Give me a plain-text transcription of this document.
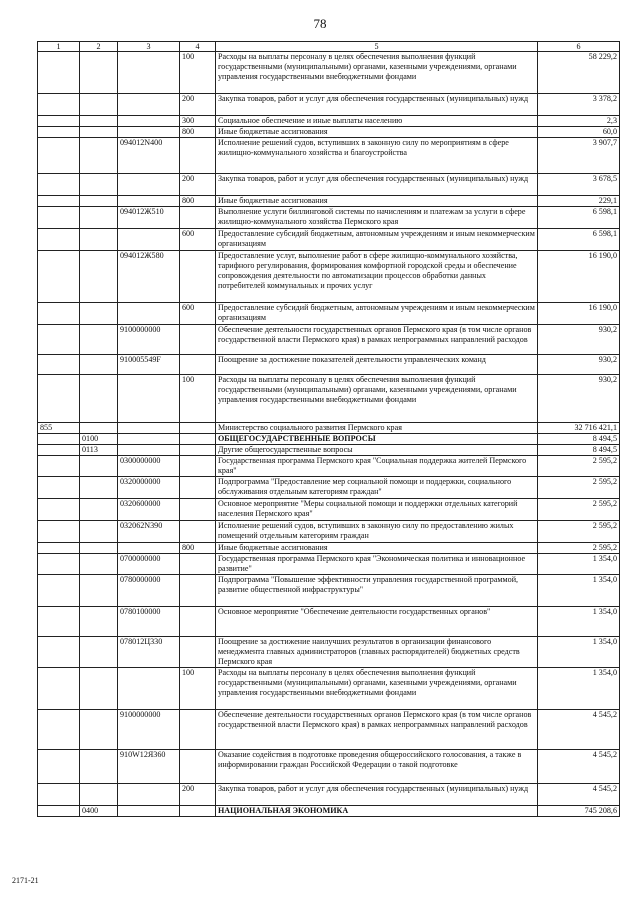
78
1	2	3	4	5	6
			100	Расходы на выплаты персоналу в целях обеспечения выполнения функций государственными (муниципальными) органами, казенными учреждениями, органами управления государственными внебюджетными фондами	58 229,2
			200	Закупка товаров, работ и услуг для обеспечения государственных (муниципальных) нужд	3 378,2
			300	Социальное обеспечение и иные выплаты населению	2,3
			800	Иные бюджетные ассигнования	60,0
		094012N400		Исполнение решений судов, вступивших в законную силу по мероприятиям в сфере жилищно-коммунального хозяйства и благоустройства	3 907,7
			200	Закупка товаров, работ и услуг для обеспечения государственных (муниципальных) нужд	3 678,5
			800	Иные бюджетные ассигнования	229,1
		094012Ж510		Выполнение услуги биллинговой системы по начислениям и платежам за услуги в сфере жилищно-коммунального хозяйства Пермского края	6 598,1
			600	Предоставление субсидий бюджетным, автономным учреждениям и иным некоммерческим организациям	6 598,1
		094012Ж580		Предоставление услуг, выполнение работ в сфере жилищно-коммунального хозяйства, тарифного регулирования, формирования комфортной городской среды и обеспечение сопровождения деятельности по автоматизации процессов обработки данных потребителей коммунальных и прочих услуг	16 190,0
			600	Предоставление субсидий бюджетным, автономным учреждениям и иным некоммерческим организациям	16 190,0
		9100000000		Обеспечение деятельности государственных органов Пермского края (в том числе органов государственной власти Пермского края) в рамках непрограммных направлений расходов	930,2
		910005549F		Поощрение за достижение показателей деятельности управленческих команд	930,2
			100	Расходы на выплаты персоналу в целях обеспечения выполнения функций государственными (муниципальными) органами, казенными учреждениями, органами управления государственными внебюджетными фондами	930,2
855				Министерство социального развития Пермского края	32 716 421,1
	0100			ОБЩЕГОСУДАРСТВЕННЫЕ ВОПРОСЫ	8 494,5
	0113			Другие общегосударственные вопросы	8 494,5
		0300000000		Государственная программа Пермского края "Социальная поддержка жителей Пермского края"	2 595,2
		0320000000		Подпрограмма "Предоставление мер социальной помощи и поддержки, социального обслуживания отдельным категориям граждан"	2 595,2
		0320600000		Основное мероприятие "Меры социальной помощи и поддержки отдельных категорий населения Пермского края"	2 595,2
		032062N390		Исполнение решений судов, вступивших в законную силу по предоставлению жилых помещений отдельным категориям граждан	2 595,2
			800	Иные бюджетные ассигнования	2 595,2
		0700000000		Государственная программа Пермского края "Экономическая политика и инновационное развитие"	1 354,0
		0780000000		Подпрограмма "Повышение эффективности управления государственной программой, развитие общественной инфраструктуры"	1 354,0
		0780100000		Основное мероприятие "Обеспечение деятельности государственных органов"	1 354,0
		078012Ц330		Поощрение за достижение наилучших результатов в организации финансового менеджмента главных администраторов (главных распорядителей) бюджетных средств Пермского края	1 354,0
			100	Расходы на выплаты персоналу в целях обеспечения выполнения функций государственными (муниципальными) органами, казенными учреждениями, органами управления государственными внебюджетными фондами	1 354,0
		9100000000		Обеспечение деятельности государственных органов Пермского края (в том числе органов государственной власти Пермского края) в рамках непрограммных направлений расходов	4 545,2
		910W12Я360		Оказание содействия в подготовке проведения общероссийского голосования, а также в информировании граждан Российской Федерации о такой подготовке	4 545,2
			200	Закупка товаров, работ и услуг для обеспечения государственных (муниципальных) нужд	4 545,2
	0400			НАЦИОНАЛЬНАЯ ЭКОНОМИКА	745 208,6
2171-21
